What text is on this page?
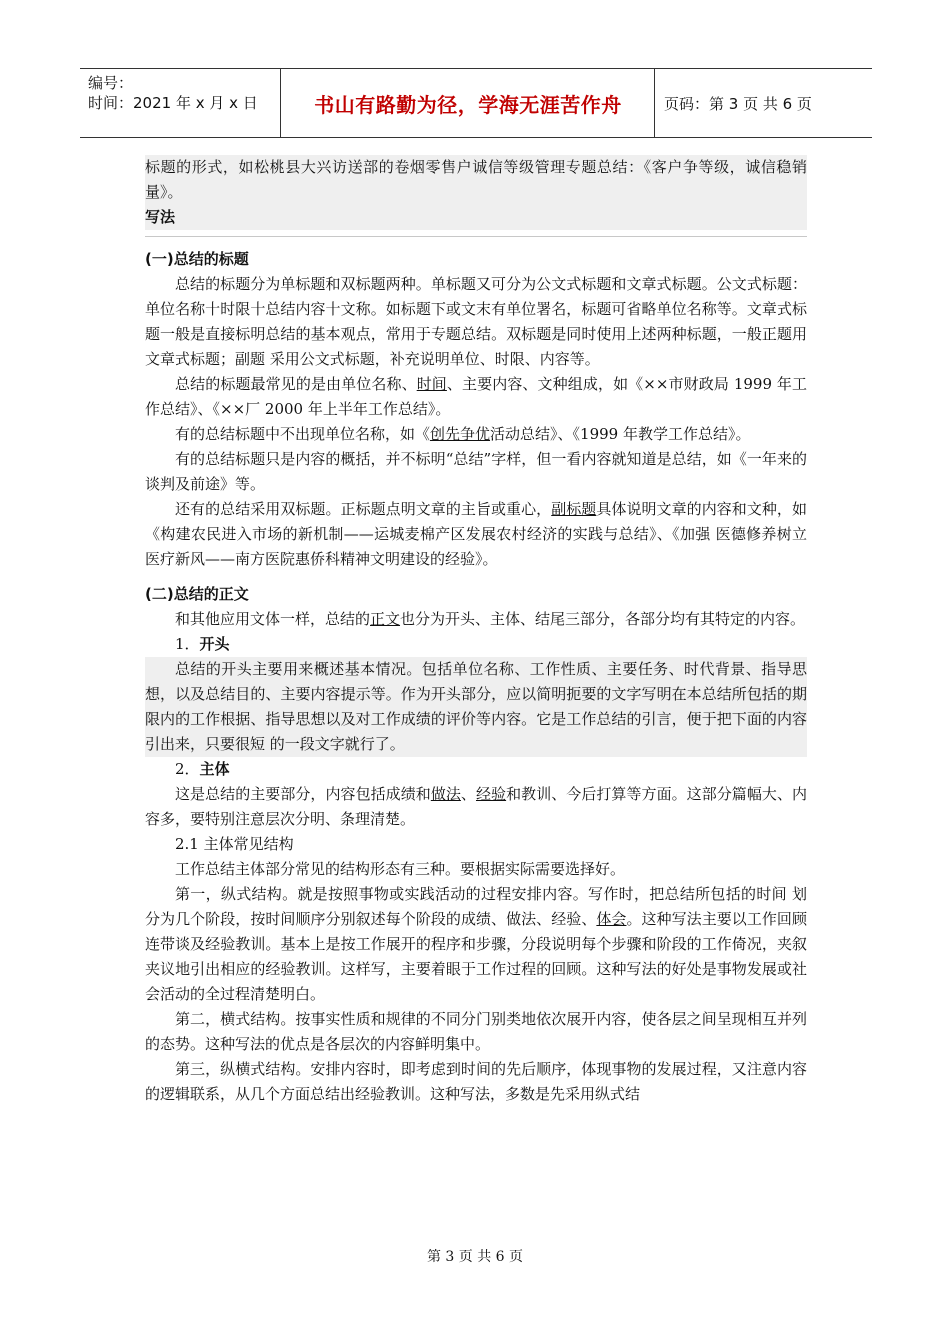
编号：
时间：2021 年 x 月 x 日	书山有路勤为径，学海无涯苦作舟	页码：第 3 页 共 6 页

标题的形式，如松桃县大兴访送部的卷烟零售户诚信等级管理专题总结：《客户争等级，诚信稳销量》。

写法

(一)总结的标题

总结的标题分为单标题和双标题两种。单标题又可分为公文式标题和文章式标题。公文式标题：单位名称十时限十总结内容十文称。如标题下或文末有单位署名，标题可省略单位名称等。文章式标题一般是直接标明总结的基本观点，常用于专题总结。双标题是同时使用上述两种标题，一般正题用文章式标题；副题 采用公文式标题，补充说明单位、时限、内容等。

总结的标题最常见的是由单位名称、时间、主要内容、文种组成，如《××市财政局 1999 年工作总结》、《××厂 2000 年上半年工作总结》。

有的总结标题中不出现单位名称，如《创先争优活动总结》、《1999 年教学工作总结》。

有的总结标题只是内容的概括，并不标明“总结”字样，但一看内容就知道是总结，如《一年来的谈判及前途》等。

还有的总结采用双标题。正标题点明文章的主旨或重心，副标题具体说明文章的内容和文种，如《构建农民进入市场的新机制——运城麦棉产区发展农村经济的实践与总结》、《加强 医德修养树立医疗新风——南方医院惠侨科精神文明建设的经验》。

(二)总结的正文

和其他应用文体一样，总结的正文也分为开头、主体、结尾三部分，各部分均有其特定的内容。

1．开头

总结的开头主要用来概述基本情况。包括单位名称、工作性质、主要任务、时代背景、指导思想，以及总结目的、主要内容提示等。作为开头部分，应以简明扼要的文字写明在本总结所包括的期限内的工作根据、指导思想以及对工作成绩的评价等内容。它是工作总结的引言，便于把下面的内容引出来，只要很短 的一段文字就行了。

2．主体

这是总结的主要部分，内容包括成绩和做法、经验和教训、今后打算等方面。这部分篇幅大、内容多，要特别注意层次分明、条理清楚。

2.1 主体常见结构

工作总结主体部分常见的结构形态有三种。要根据实际需要选择好。

第一，纵式结构。就是按照事物或实践活动的过程安排内容。写作时，把总结所包括的时间 划分为几个阶段，按时间顺序分别叙述每个阶段的成绩、做法、经验、体会。这种写法主要以工作回顾连带谈及经验教训。基本上是按工作展开的程序和步骤，分段说明每个步骤和阶段的工作倚况，夹叙夹议地引出相应的经验教训。这样写，主要着眼于工作过程的回顾。这种写法的好处是事物发展或社会活动的全过程清楚明白。

第二，横式结构。按事实性质和规律的不同分门别类地依次展开内容，使各层之间呈现相互并列的态势。这种写法的优点是各层次的内容鲜明集中。

第三，纵横式结构。安排内容时，即考虑到时间的先后顺序，体现事物的发展过程，又注意内容的逻辑联系，从几个方面总结出经验教训。这种写法，多数是先采用纵式结

第 3 页 共 6 页
